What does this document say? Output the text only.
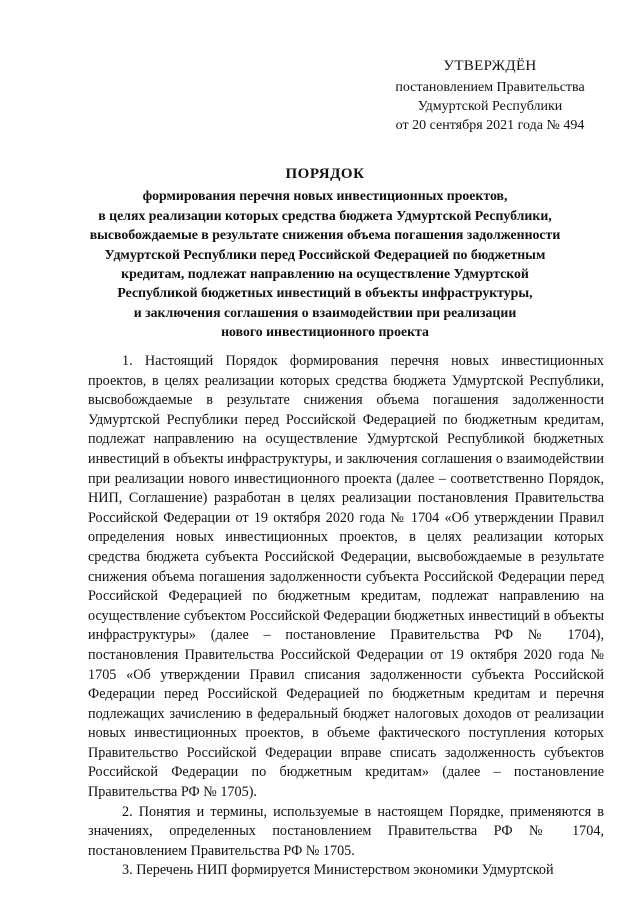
УТВЕРЖДЁН
постановлением Правительства
Удмуртской Республики
от 20 сентября 2021 года № 494
ПОРЯДОК
формирования перечня новых инвестиционных проектов,
в целях реализации которых средства бюджета Удмуртской Республики,
высвобождаемые в результате снижения объема погашения задолженности
Удмуртской Республики перед Российской Федерацией по бюджетным
кредитам, подлежат направлению на осуществление Удмуртской
Республикой бюджетных инвестиций в объекты инфраструктуры,
и заключения соглашения о взаимодействии при реализации
нового инвестиционного проекта

1. Настоящий Порядок формирования перечня новых инвестиционных проектов, в целях реализации которых средства бюджета Удмуртской Республики, высвобождаемые в результате снижения объема погашения задолженности Удмуртской Республики перед Российской Федерацией по бюджетным кредитам, подлежат направлению на осуществление Удмуртской Республикой бюджетных инвестиций в объекты инфраструктуры, и заключения соглашения о взаимодействии при реализации нового инвестиционного проекта (далее – соответственно Порядок, НИП, Соглашение) разработан в целях реализации постановления Правительства Российской Федерации от 19 октября 2020 года № 1704 «Об утверждении Правил определения новых инвестиционных проектов, в целях реализации которых средства бюджета субъекта Российской Федерации, высвобождаемые в результате снижения объема погашения задолженности субъекта Российской Федерации перед Российской Федерацией по бюджетным кредитам, подлежат направлению на осуществление субъектом Российской Федерации бюджетных инвестиций в объекты инфраструктуры» (далее – постановление Правительства РФ № 1704), постановления Правительства Российской Федерации от 19 октября 2020 года № 1705 «Об утверждении Правил списания задолженности субъекта Российской Федерации перед Российской Федерацией по бюджетным кредитам и перечня подлежащих зачислению в федеральный бюджет налоговых доходов от реализации новых инвестиционных проектов, в объеме фактического поступления которых Правительство Российской Федерации вправе списать задолженность субъектов Российской Федерации по бюджетным кредитам» (далее – постановление Правительства РФ № 1705).

2. Понятия и термины, используемые в настоящем Порядке, применяются в значениях, определенных постановлением Правительства РФ № 1704, постановлением Правительства РФ № 1705.

3. Перечень НИП формируется Министерством экономики Удмуртской
